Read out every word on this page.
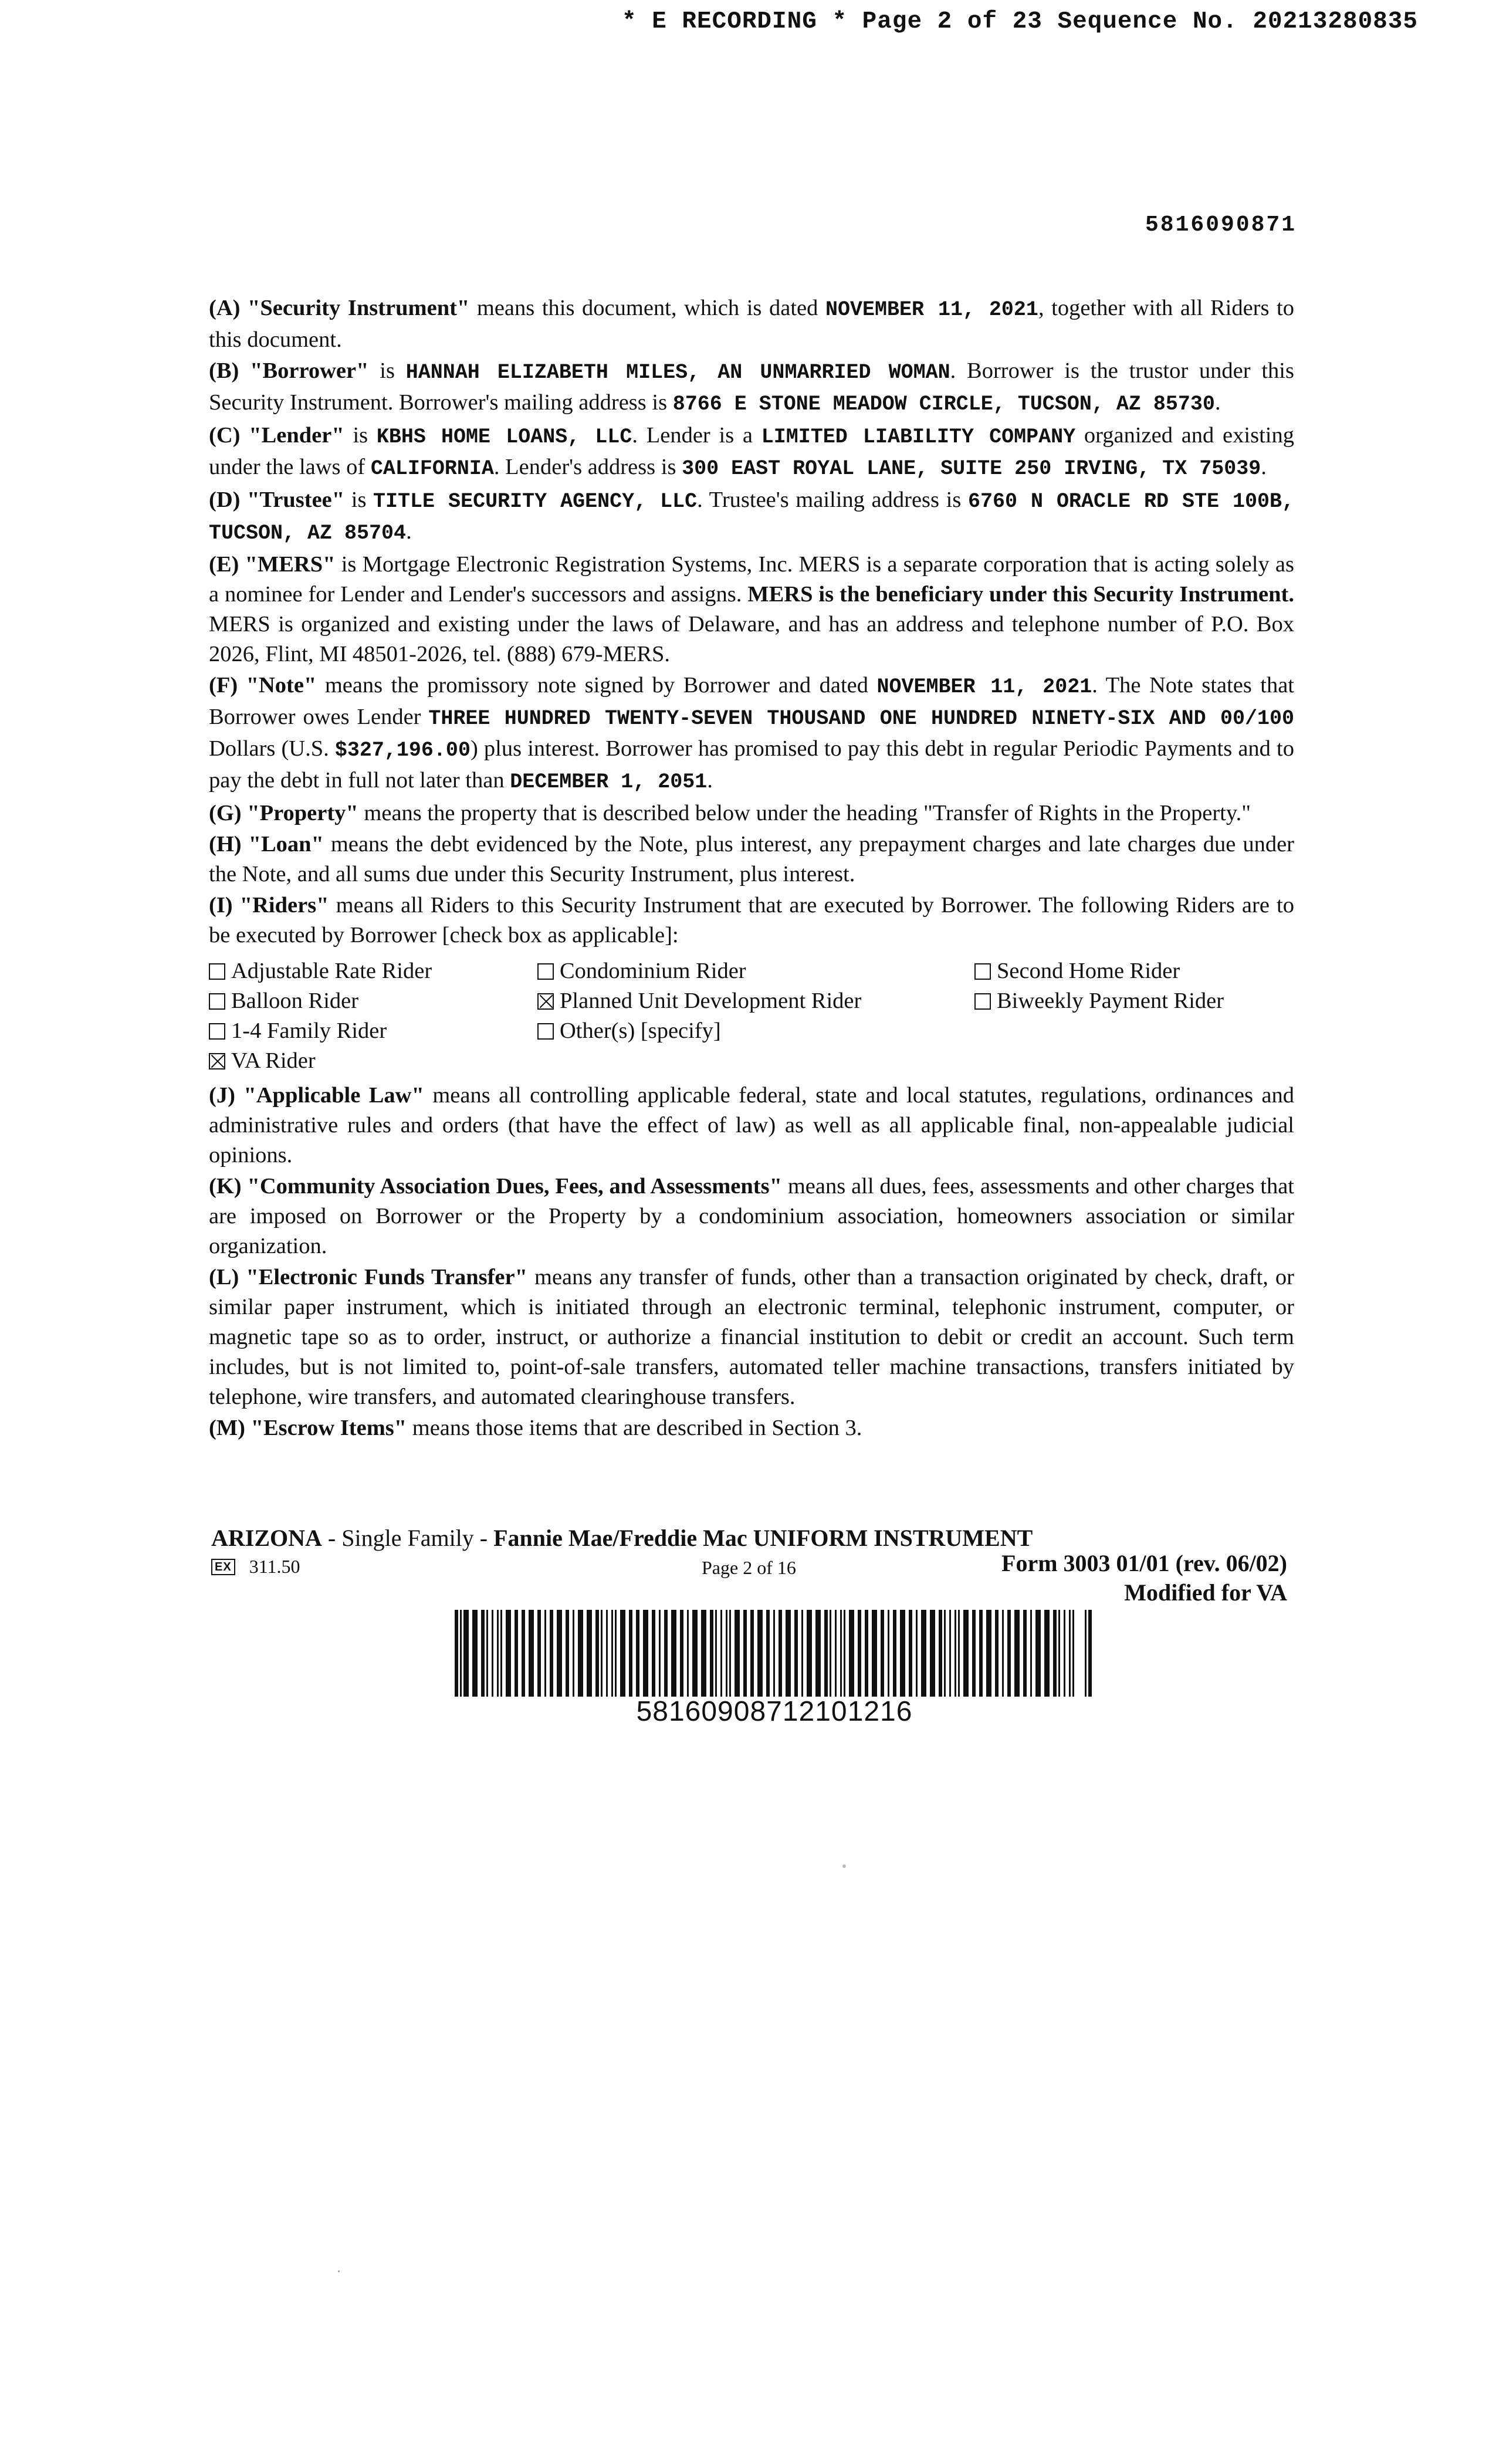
* E RECORDING * Page 2 of 23 Sequence No. 20213280835
5816090871

(A) "Security Instrument" means this document, which is dated NOVEMBER 11, 2021, together with all Riders to this document.

(B) "Borrower" is HANNAH ELIZABETH MILES, AN UNMARRIED WOMAN. Borrower is the trustor under this Security Instrument. Borrower's mailing address is 8766 E STONE MEADOW CIRCLE, TUCSON, AZ 85730.

(C) "Lender" is KBHS HOME LOANS, LLC. Lender is a LIMITED LIABILITY COMPANY organized and existing under the laws of CALIFORNIA. Lender's address is 300 EAST ROYAL LANE, SUITE 250 IRVING, TX 75039.

(D) "Trustee" is TITLE SECURITY AGENCY, LLC. Trustee's mailing address is 6760 N ORACLE RD STE 100B, TUCSON, AZ 85704.

(E) "MERS" is Mortgage Electronic Registration Systems, Inc. MERS is a separate corporation that is acting solely as a nominee for Lender and Lender's successors and assigns. MERS is the beneficiary under this Security Instrument. MERS is organized and existing under the laws of Delaware, and has an address and telephone number of P.O. Box 2026, Flint, MI 48501-2026, tel. (888) 679-MERS.

(F) "Note" means the promissory note signed by Borrower and dated NOVEMBER 11, 2021. The Note states that Borrower owes Lender THREE HUNDRED TWENTY-SEVEN THOUSAND ONE HUNDRED NINETY-SIX AND 00/100 Dollars (U.S. $327,196.00) plus interest. Borrower has promised to pay this debt in regular Periodic Payments and to pay the debt in full not later than DECEMBER 1, 2051.

(G) "Property" means the property that is described below under the heading "Transfer of Rights in the Property."

(H) "Loan" means the debt evidenced by the Note, plus interest, any prepayment charges and late charges due under the Note, and all sums due under this Security Instrument, plus interest.

(I) "Riders" means all Riders to this Security Instrument that are executed by Borrower. The following Riders are to be executed by Borrower [check box as applicable]:

Adjustable Rate Rider	Condominium Rider	Second Home Rider
Balloon Rider	Planned Unit Development Rider	Biweekly Payment Rider
1-4 Family Rider	Other(s) [specify]
VA Rider

(J) "Applicable Law" means all controlling applicable federal, state and local statutes, regulations, ordinances and administrative rules and orders (that have the effect of law) as well as all applicable final, non-appealable judicial opinions.

(K) "Community Association Dues, Fees, and Assessments" means all dues, fees, assessments and other charges that are imposed on Borrower or the Property by a condominium association, homeowners association or similar organization.

(L) "Electronic Funds Transfer" means any transfer of funds, other than a transaction originated by check, draft, or similar paper instrument, which is initiated through an electronic terminal, telephonic instrument, computer, or magnetic tape so as to order, instruct, or authorize a financial institution to debit or credit an account. Such term includes, but is not limited to, point-of-sale transfers, automated teller machine transactions, transfers initiated by telephone, wire transfers, and automated clearinghouse transfers.

(M) "Escrow Items" means those items that are described in Section 3.

ARIZONA - Single Family - Fannie Mae/Freddie Mac UNIFORM INSTRUMENT
EX 311.50	Page 2 of 16	Form 3003 01/01 (rev. 06/02)
Modified for VA
58160908712101216
